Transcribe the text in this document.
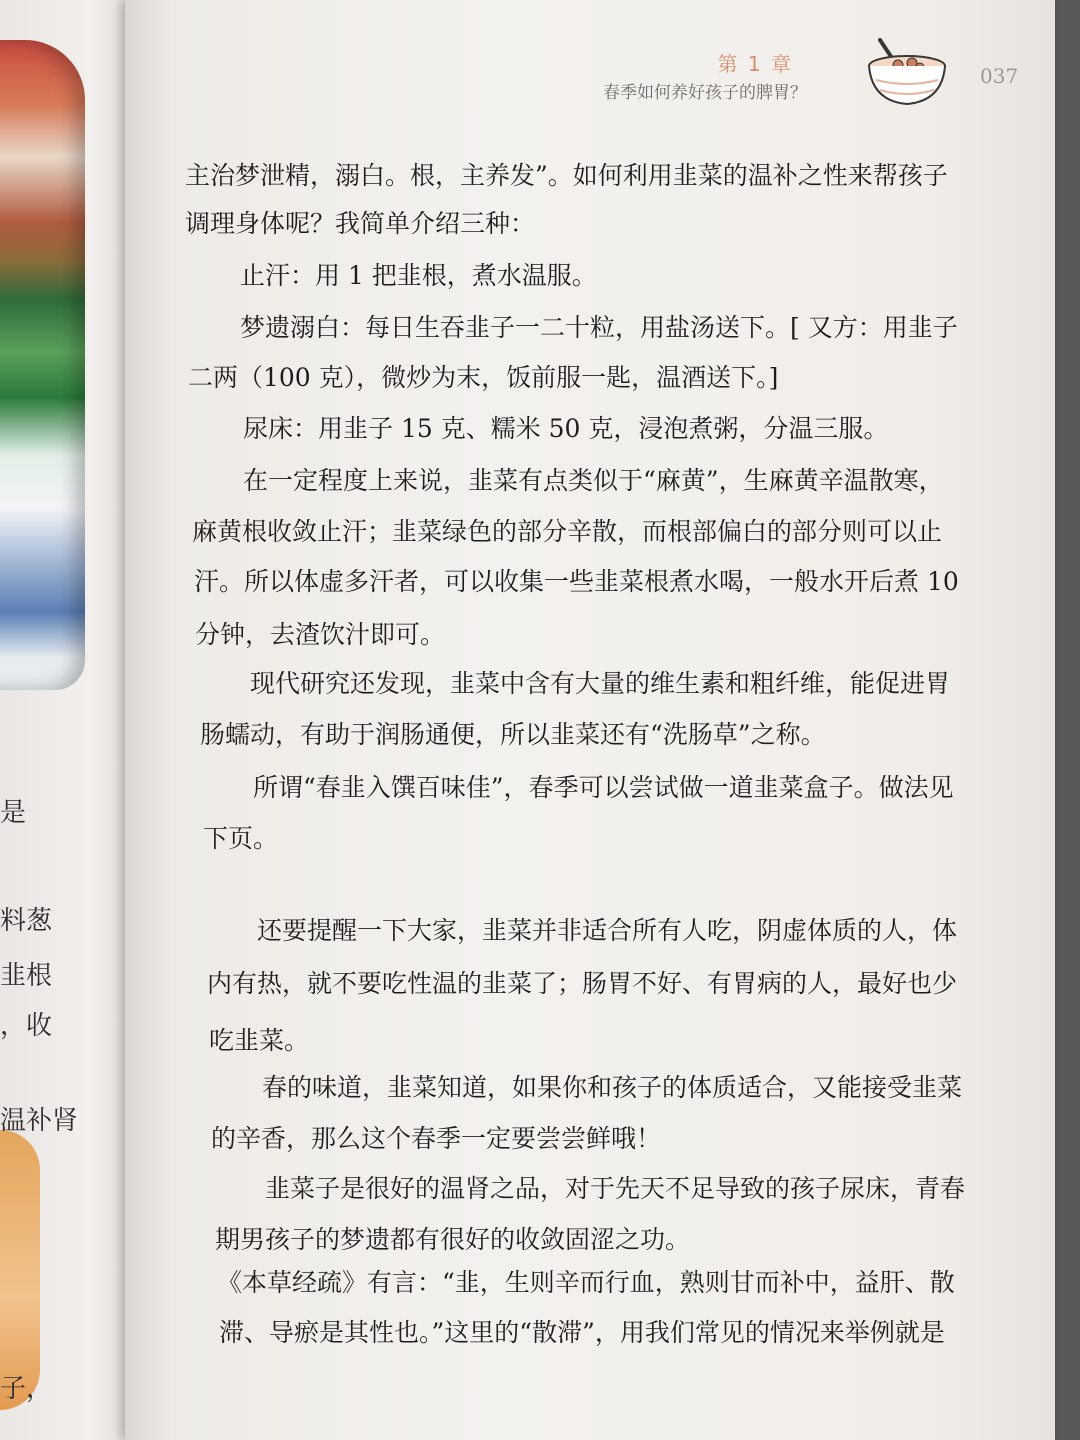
是
料葱
韭根
，收
温补肾
子，
第 1 章
春季如何养好孩子的脾胃？
037

主治梦泄精，溺白。根，主养发”。如何利用韭菜的温补之性来帮孩子

调理身体呢？我简单介绍三种：

止汗：用 1 把韭根，煮水温服。

梦遗溺白：每日生吞韭子一二十粒，用盐汤送下。[ 又方：用韭子

二两（100 克），微炒为末，饭前服一匙，温酒送下。]

尿床：用韭子 15 克、糯米 50 克，浸泡煮粥，分温三服。

在一定程度上来说，韭菜有点类似于“麻黄”，生麻黄辛温散寒，

麻黄根收敛止汗；韭菜绿色的部分辛散，而根部偏白的部分则可以止

汗。所以体虚多汗者，可以收集一些韭菜根煮水喝，一般水开后煮 10

分钟，去渣饮汁即可。

现代研究还发现，韭菜中含有大量的维生素和粗纤维，能促进胃

肠蠕动，有助于润肠通便，所以韭菜还有“洗肠草”之称。

所谓“春韭入馔百味佳”，春季可以尝试做一道韭菜盒子。做法见

下页。

还要提醒一下大家，韭菜并非适合所有人吃，阴虚体质的人，体

内有热，就不要吃性温的韭菜了；肠胃不好、有胃病的人，最好也少

吃韭菜。

春的味道，韭菜知道，如果你和孩子的体质适合，又能接受韭菜

的辛香，那么这个春季一定要尝尝鲜哦！

韭菜子是很好的温肾之品，对于先天不足导致的孩子尿床，青春

期男孩子的梦遗都有很好的收敛固涩之功。

《本草经疏》有言：“韭，生则辛而行血，熟则甘而补中，益肝、散

滞、导瘀是其性也。”这里的“散滞”，用我们常见的情况来举例就是
